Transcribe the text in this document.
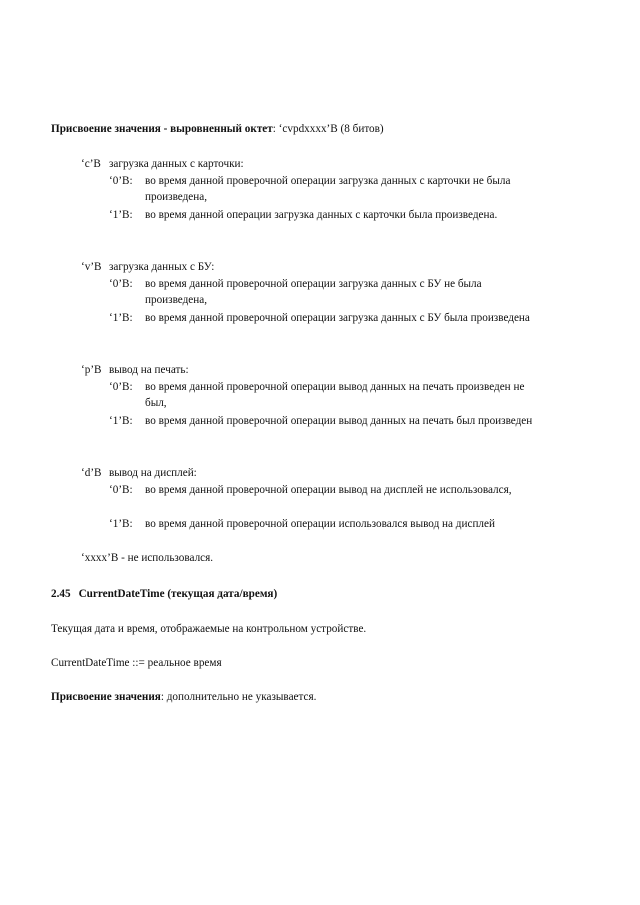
Присвоение значения - выровненный октет: ‘cvpdxxxx’B (8 битов)
‘c’B загрузка данных с карточки:
‘0’B:	во время данной проверочной операции загрузка данных с карточки не была произведена,
‘1’B:	во время данной операции загрузка данных с карточки была произведена.
‘v’B загрузка данных с БУ:
‘0’B:	во время данной проверочной операции загрузка данных с БУ не была произведена,
‘1’B:	во время данной проверочной операции загрузка данных с БУ была произведена
‘p’B вывод на печать:
‘0’B:	во время данной проверочной операции вывод данных на печать произведен не был,
‘1’B:	во время данной проверочной операции вывод данных на печать был произведен
‘d’B вывод на дисплей:
‘0’B:	во время данной проверочной операции вывод на дисплей не использовался,
‘1’B:	во время данной проверочной операции использовался вывод на дисплей
‘xxxx’B - не использовался.
2.45 CurrentDateTime (текущая дата/время)
Текущая дата и время, отображаемые на контрольном устройстве.
CurrentDateTime ::= реальное время
Присвоение значения: дополнительно не указывается.
